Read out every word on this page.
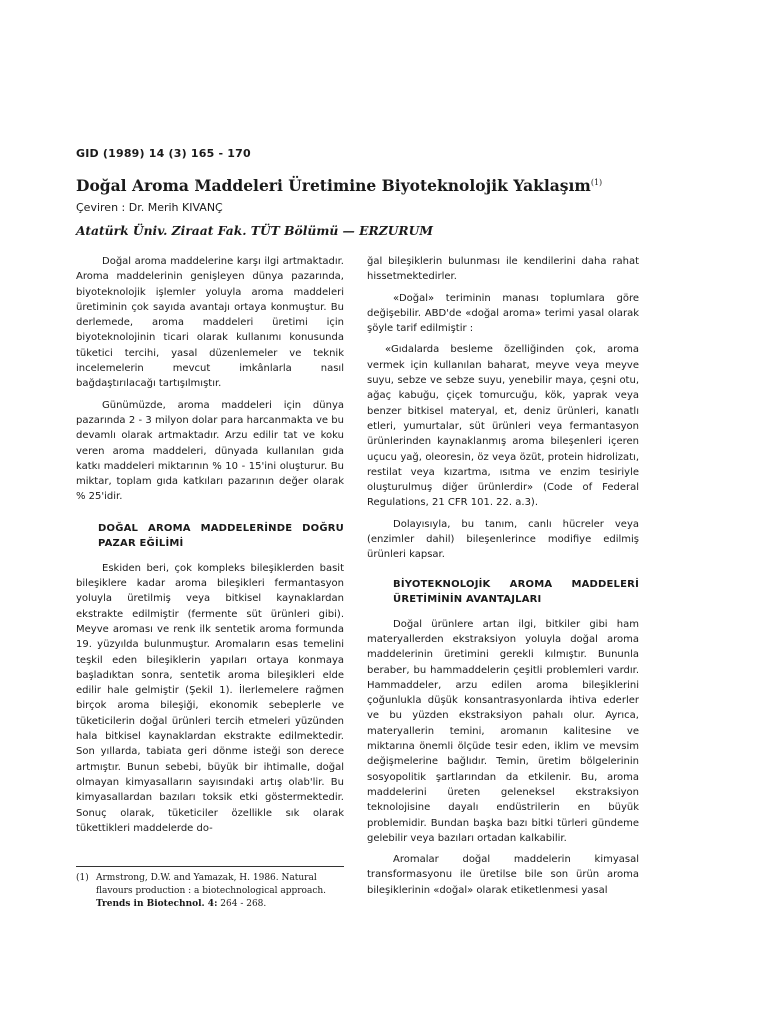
GID (1989) 14 (3) 165 - 170
Doğal Aroma Maddeleri Üretimine Biyoteknolojik Yaklaşım$^{(1)}$
Çeviren : Dr. Merih KIVANÇ
Atatürk Üniv. Ziraat Fak. TÜT Bölümü — ERZURUM

Doğal aroma maddelerine karşı ilgi artmaktadır. Aroma maddelerinin genişleyen dünya pazarında, biyoteknolojik işlemler yoluyla aroma maddeleri üretiminin çok sayıda avantajı ortaya konmuştur. Bu derlemede, aroma maddeleri üretimi için biyoteknolojinin ticari olarak kullanımı konusunda tüketici tercihi, yasal düzenlemeler ve teknik incelemelerin mevcut imkânlarla nasıl bağdaştırılacağı tartışılmıştır.

Günümüzde, aroma maddeleri için dünya pazarında 2 - 3 milyon dolar para harcanmakta ve bu devamlı olarak artmaktadır. Arzu edilir tat ve koku veren aroma maddeleri, dünyada kullanılan gıda katkı maddeleri miktarının % 10 - 15'ini oluşturur. Bu miktar, toplam gıda katkıları pazarının değer olarak % 25'idir.

DOĞAL AROMA MADDELERİNDE DOĞRU PAZAR EĞİLİMİ

Eskiden beri, çok kompleks bileşiklerden basit bileşiklere kadar aroma bileşikleri fermantasyon yoluyla üretilmiş veya bitkisel kaynaklardan ekstrakte edilmiştir (fermente süt ürünleri gibi). Meyve aroması ve renk ilk sentetik aroma formunda 19. yüzyılda bulunmuştur. Aromaların esas temelini teşkil eden bileşiklerin yapıları ortaya konmaya başladıktan sonra, sentetik aroma bileşikleri elde edilir hale gelmiştir (Şekil 1). İlerlemelere rağmen birçok aroma bileşiği, ekonomik sebeplerle ve tüketicilerin doğal ürünleri tercih etmeleri yüzünden hala bitkisel kaynaklardan ekstrakte edilmektedir. Son yıllarda, tabiata geri dönme isteği son derece artmıştır. Bunun sebebi, büyük bir ihtimalle, doğal olmayan kimyasalların sayısındaki artış olab'lir. Bu kimyasallardan bazıları toksik etki göstermektedir. Sonuç olarak, tüketiciler özellikle sık olarak tükettikleri maddelerde do-

ğal bileşiklerin bulunması ile kendilerini daha rahat hissetmektedirler.

«Doğal» teriminin manası toplumlara göre değişebilir. ABD'de «doğal aroma» terimi yasal olarak şöyle tarif edilmiştir :

«Gıdalarda besleme özelliğinden çok, aroma vermek için kullanılan baharat, meyve veya meyve suyu, sebze ve sebze suyu, yenebilir maya, çeşni otu, ağaç kabuğu, çiçek tomurcuğu, kök, yaprak veya benzer bitkisel materyal, et, deniz ürünleri, kanatlı etleri, yumurtalar, süt ürünleri veya fermantasyon ürünlerinden kaynaklanmış aroma bileşenleri içeren uçucu yağ, oleoresin, öz veya özüt, protein hidrolizatı, restilat veya kızartma, ısıtma ve enzim tesiriyle oluşturulmuş diğer ürünlerdir» (Code of Federal Regulations, 21 CFR 101. 22. a.3).

Dolayısıyla, bu tanım, canlı hücreler veya (enzimler dahil) bileşenlerince modifiye edilmiş ürünleri kapsar.

BİYOTEKNOLOJİK AROMA MADDELERİ ÜRETİMİNİN AVANTAJLARI

Doğal ürünlere artan ilgi, bitkiler gibi ham materyallerden ekstraksiyon yoluyla doğal aroma maddelerinin üretimini gerekli kılmıştır. Bununla beraber, bu hammaddelerin çeşitli problemleri vardır. Hammaddeler, arzu edilen aroma bileşiklerini çoğunlukla düşük konsantrasyonlarda ihtiva ederler ve bu yüzden ekstraksiyon pahalı olur. Ayrıca, materyallerin temini, aromanın kalitesine ve miktarına önemli ölçüde tesir eden, iklim ve mevsim değişmelerine bağlıdır. Temin, üretim bölgelerinin sosyopolitik şartlarından da etkilenir. Bu, aroma maddelerini üreten geleneksel ekstraksiyon teknolojisine dayalı endüstrilerin en büyük problemidir. Bundan başka bazı bitki türleri gündeme gelebilir veya bazıları ortadan kalkabilir.

Aromalar doğal maddelerin kimyasal transformasyonu ile üretilse bile son ürün aroma bileşiklerinin «doğal» olarak etiketlenmesi yasal

(1) Armstrong, D.W. and Yamazak, H. 1986. Natural flavours production : a biotechnological approach. Trends in Biotechnol. 4: 264 - 268.
